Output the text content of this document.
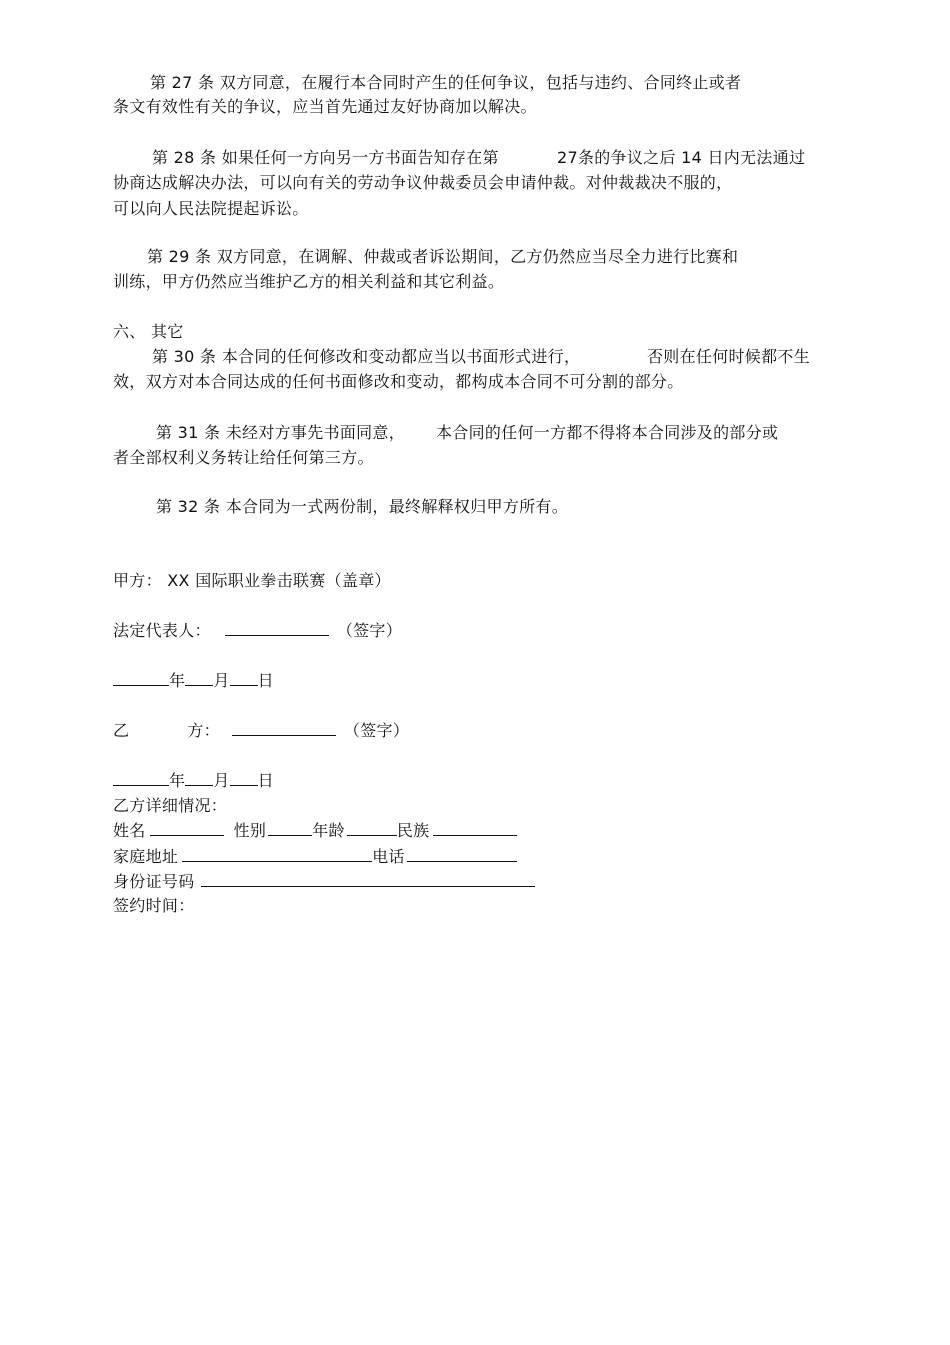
第 27 条 双方同意，在履行本合同时产生的任何争议，包括与违约、合同终止或者
条文有效性有关的争议，应当首先通过友好协商加以解决。
第 28 条 如果任何一方向另一方书面告知存在第	27条的争议之后 14 日内无法通过
协商达成解决办法，可以向有关的劳动争议仲裁委员会申请仲裁。对仲裁裁决不服的，
可以向人民法院提起诉讼。
第 29 条 双方同意，在调解、仲裁或者诉讼期间，乙方仍然应当尽全力进行比赛和
训练，甲方仍然应当维护乙方的相关利益和其它利益。
六、 其它
第 30 条 本合同的任何修改和变动都应当以书面形式进行，	否则在任何时候都不生
效，双方对本合同达成的任何书面修改和变动，都构成本合同不可分割的部分。
第 31 条 未经对方事先书面同意， 本合同的任何一方都不得将本合同涉及的部分或
者全部权利义务转让给任何第三方。
第 32 条 本合同为一式两份制，最终解释权归甲方所有。
甲方： XX 国际职业拳击联赛（盖章）
法定代表人：	（签字）
年 月 日
乙	方：	（签字）
年 月 日
乙方详细情况：
姓名	性别	年龄	民族
家庭地址	电话
身份证号码
签约时间：
